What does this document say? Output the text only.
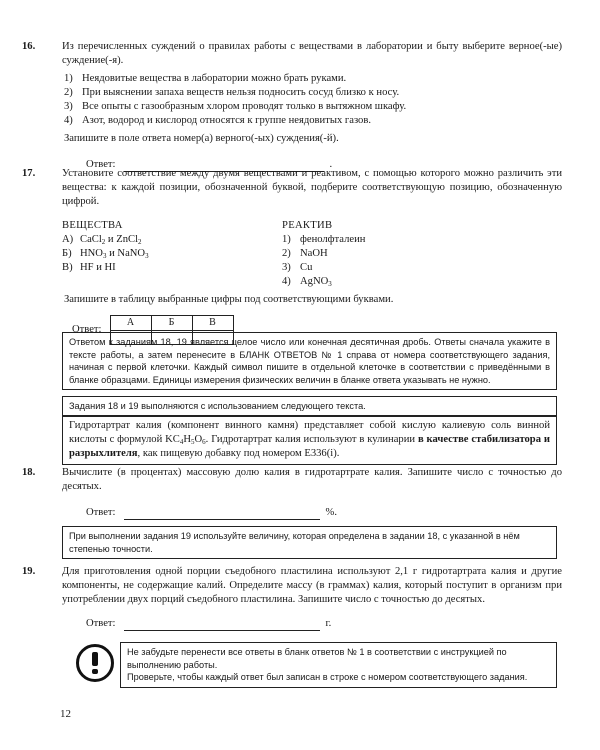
16.	Из перечисленных суждений о правилах работы с веществами в лаборатории и быту выберите верное(-ые) суждение(-я).

1) Неядовитые вещества в лаборатории можно брать руками.
2) При выяснении запаха веществ нельзя подносить сосуд близко к носу.
3) Все опыты с газообразным хлором проводят только в вытяжном шкафу.
4) Азот, водород и кислород относятся к группе неядовитых газов.

Запишите в поле ответа номер(а) верного(-ых) суждения(-й).

Ответ:	.
17.	Установите соответствие между двумя веществами и реактивом, с помощью которого можно различить эти вещества: к каждой позиции, обозначенной буквой, подберите соответствующую позицию, обозначенную цифрой.

ВЕЩЕСТВА
А) CaCl$_2$ и ZnCl$_2$
Б) $HNO_3$ и NaNO$_3$
В) HF и HI
РЕАКТИВ
1) фенолфталеин
2) NaOH
3) Cu
4) AgNO$_3$

Запишите в таблицу выбранные цифры под соответствующими буквами.

Ответ:
А	Б	В

Ответом к заданиям 18, 19 является целое число или конечная десятичная дробь. Ответы сначала укажите в тексте работы, а затем перенесите в БЛАНК ОТВЕТОВ № 1 справа от номера соответствующего задания, начиная с первой клеточки. Каждый символ пишите в отдельной клеточке в соответствии с приведёнными в бланке образцами. Единицы измерения физических величин в бланке ответа указывать не нужно.

Задания 18 и 19 выполняются с использованием следующего текста.

Гидротартрат калия (компонент винного камня) представляет собой кислую калиевую соль винной кислоты с формулой $KC_4H_5O_6$. Гидротартрат калия используют в кулинарии в качестве стабилизатора и разрыхлителя, как пищевую добавку под номером E336(i).

18.	Вычислите (в процентах) массовую долю калия в гидротартрате калия. Запишите число с точностью до десятых.

Ответ:	%.

При выполнении задания 19 используйте величину, которая определена в задании 18, с указанной в нём степенью точности.

19.	Для приготовления одной порции съедобного пластилина используют 2,1 г гидротартрата калия и другие компоненты, не содержащие калий. Определите массу (в граммах) калия, который поступит в организм при употреблении двух порций съедобного пластилина. Запишите число с точностью до десятых.

Ответ:	г.

Не забудьте перенести все ответы в бланк ответов № 1 в соответствии с инструкцией по выполнению работы.

Проверьте, чтобы каждый ответ был записан в строке с номером соответствующего задания.

12
